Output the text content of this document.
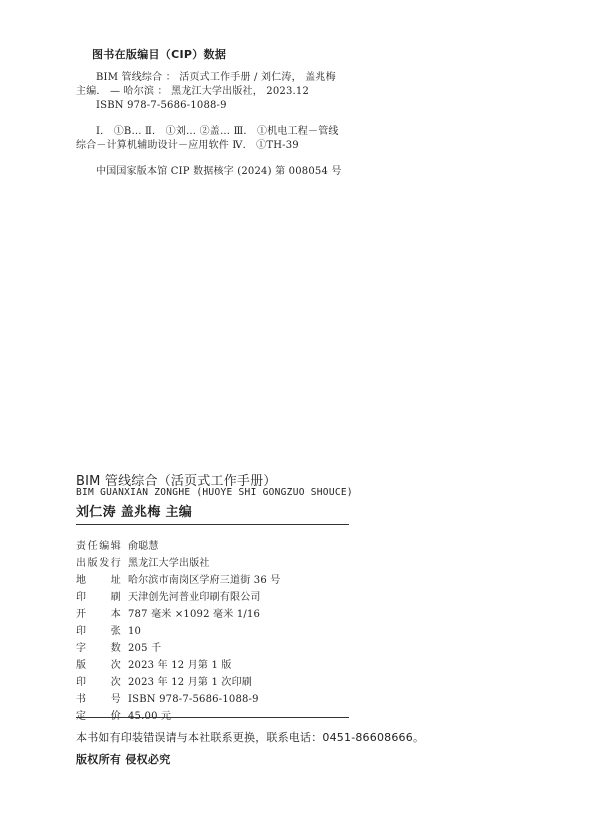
图书在版编目（CIP）数据
BIM 管线综合 ： 活页式工作手册 / 刘仁涛， 盖兆梅
主编． — 哈尔滨 ： 黑龙江大学出版社， 2023.12
ISBN 978-7-5686-1088-9
Ⅰ． ①B… Ⅱ． ①刘… ②盖… Ⅲ． ①机电工程－管线
综合－计算机辅助设计－应用软件 Ⅳ． ①TH-39
中国国家版本馆 CIP 数据核字 (2024) 第 008054 号
BIM 管线综合（活页式工作手册）
BIM GUANXIAN ZONGHE (HUOYE SHI GONGZUO SHOUCE)
刘仁涛 盖兆梅 主编
责 任 编 辑 俞聪慧
出 版 发 行 黑龙江大学出版社
地 址 哈尔滨市南岗区学府三道街 36 号
印 刷 天津创先河普业印刷有限公司
开 本 787 毫米 ×1092 毫米 1/16
印 张 10
字 数 205 千
版 次 2023 年 12 月第 1 版
印 次 2023 年 12 月第 1 次印刷
书 号 ISBN 978-7-5686-1088-9
定 价 45.00 元
本书如有印装错误请与本社联系更换，联系电话：0451-86608666。
版权所有 侵权必究
